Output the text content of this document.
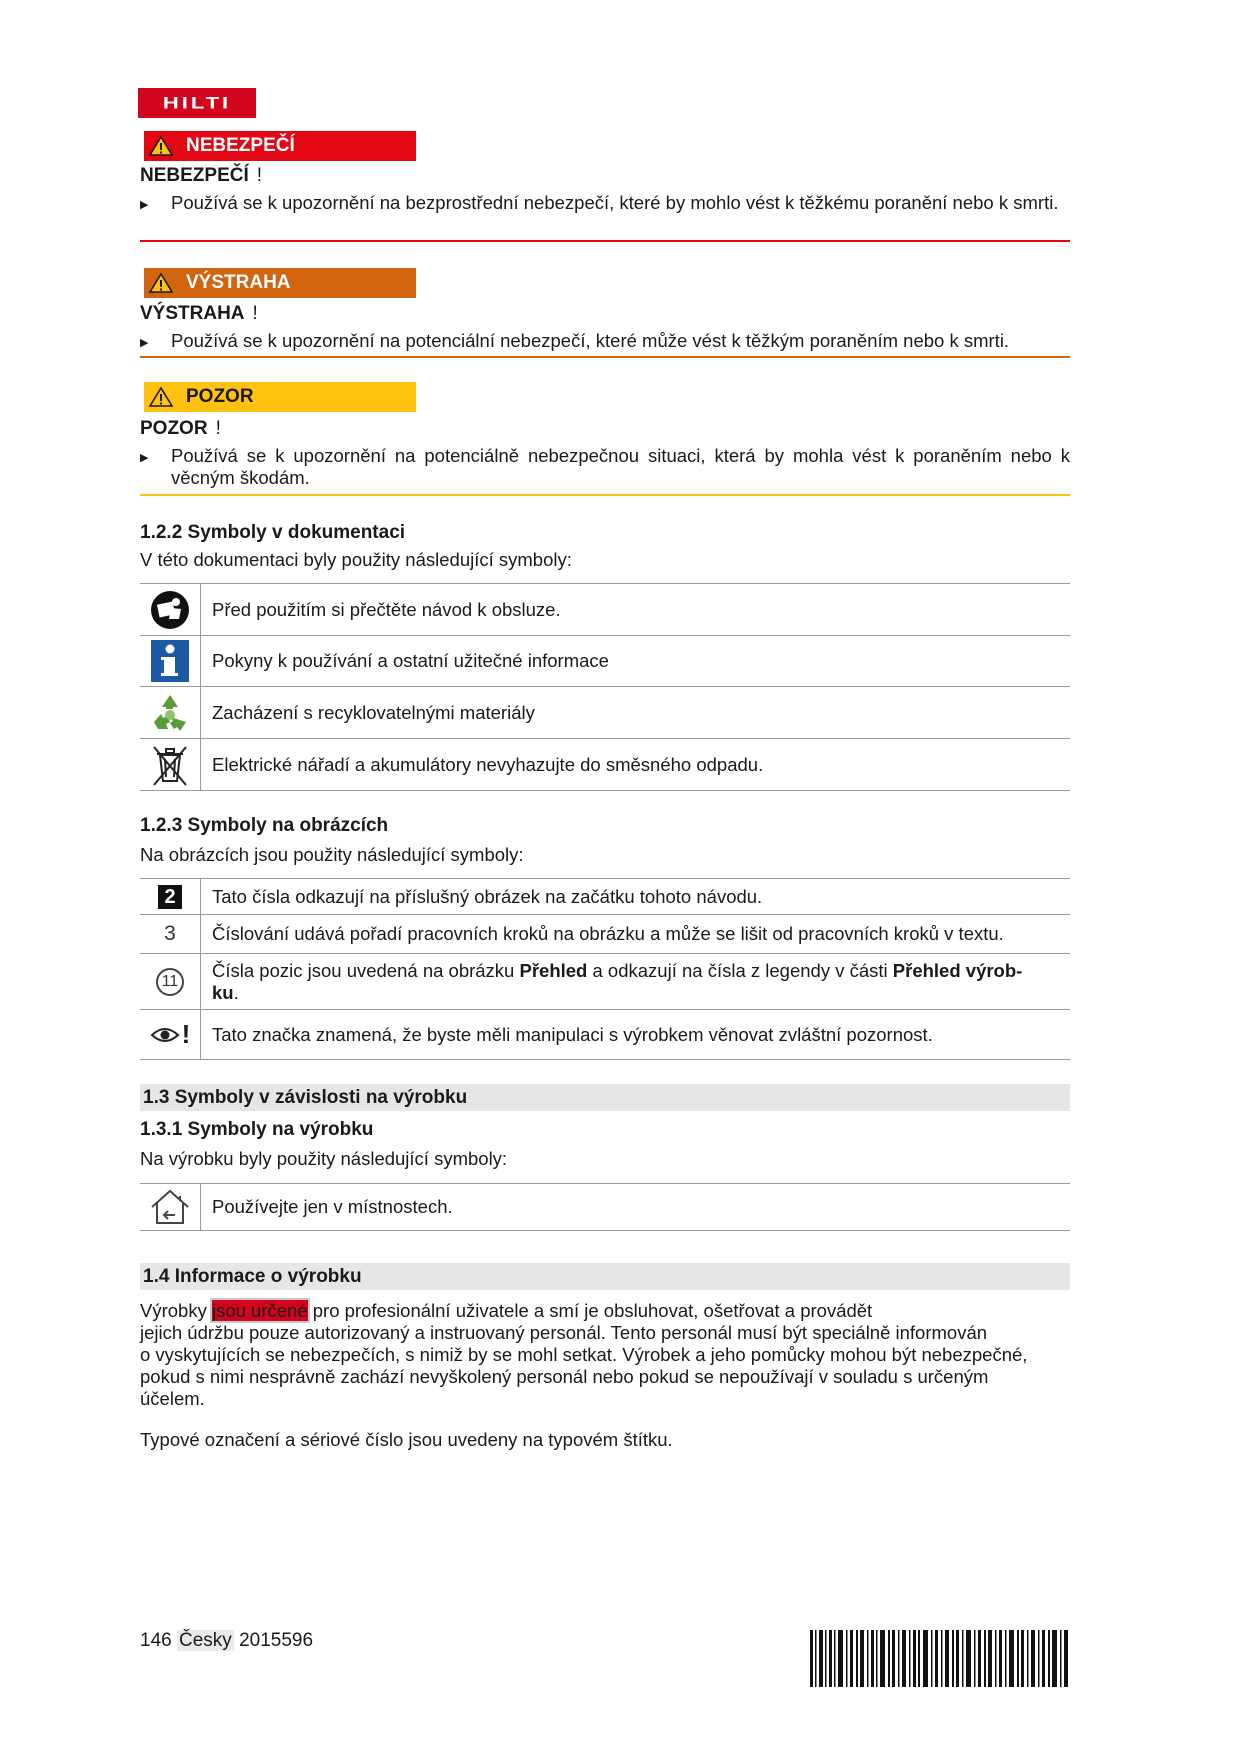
HILTI
NEBEZPEČÍ
NEBEZPEČÍ !
▶ Používá se k upozornění na bezprostřední nebezpečí, které by mohlo vést k těžkému poranění nebo k smrti.
VÝSTRAHA
VÝSTRAHA !
▶ Používá se k upozornění na potenciální nebezpečí, které může vést k těžkým poraněním nebo k smrti.
POZOR
POZOR !
▶ Používá se k upozornění na potenciálně nebezpečnou situaci, která by mohla vést k poraněním nebo k věcným škodám.
1.2.2 Symboly v dokumentaci
V této dokumentaci byly použity následující symboly:
	Před použitím si přečtěte návod k obsluze.

	Pokyny k používání a ostatní užitečné informace

	Zacházení s recyklovatelnými materiály

	Elektrické nářadí a akumulátory nevyhazujte do směsného odpadu.
1.2.3 Symboly na obrázcích
Na obrázcích jsou použity následující symboly:
2	Tato čísla odkazují na příslušný obrázek na začátku tohoto návodu.
3	Číslování udává pořadí pracovních kroků na obrázku a může se lišit od pracovních kroků v textu.
11	Čísla pozic jsou uvedená na obrázku Přehled a odkazují na čísla z legendy v části Přehled výrob-
ku.

!	Tato značka znamená, že byste měli manipulaci s výrobkem věnovat zvláštní pozornost.
1.3 Symboly v závislosti na výrobku
1.3.1 Symboly na výrobku
Na výrobku byly použity následující symboly:
	Používejte jen v místnostech.
1.4 Informace o výrobku
Výrobky jsou určené pro profesionální uživatele a smí je obsluhovat, ošetřovat a provádět
jejich údržbu pouze autorizovaný a instruovaný personál. Tento personál musí být speciálně informován
o vyskytujících se nebezpečích, s nimiž by se mohl setkat. Výrobek a jeho pomůcky mohou být nebezpečné,
pokud s nimi nesprávně zachází nevyškolený personál nebo pokud se nepoužívají v souladu s určeným
účelem.
Typové označení a sériové číslo jsou uvedeny na typovém štítku.
146 Česky 2015596
